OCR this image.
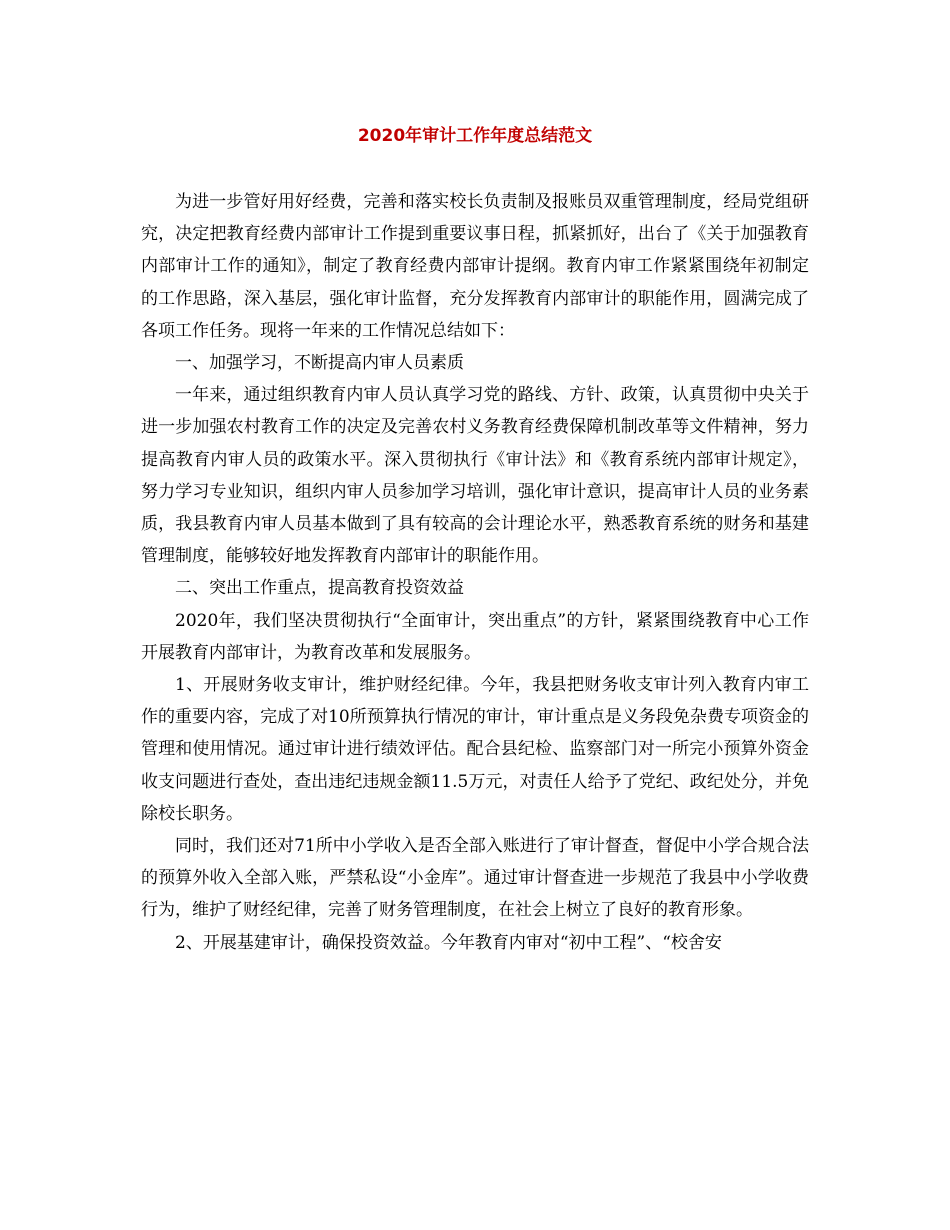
2020年审计工作年度总结范文

为进一步管好用好经费，完善和落实校长负责制及报账员双重管理制度，经局党组研究，决定把教育经费内部审计工作提到重要议事日程，抓紧抓好，出台了《关于加强教育内部审计工作的通知》，制定了教育经费内部审计提纲。教育内审工作紧紧围绕年初制定的工作思路，深入基层，强化审计监督，充分发挥教育内部审计的职能作用，圆满完成了各项工作任务。现将一年来的工作情况总结如下：

一、加强学习，不断提高内审人员素质

一年来，通过组织教育内审人员认真学习党的路线、方针、政策，认真贯彻中央关于进一步加强农村教育工作的决定及完善农村义务教育经费保障机制改革等文件精神，努力提高教育内审人员的政策水平。深入贯彻执行《审计法》和《教育系统内部审计规定》，努力学习专业知识，组织内审人员参加学习培训，强化审计意识，提高审计人员的业务素质，我县教育内审人员基本做到了具有较高的会计理论水平，熟悉教育系统的财务和基建管理制度，能够较好地发挥教育内部审计的职能作用。

二、突出工作重点，提高教育投资效益

2020年，我们坚决贯彻执行“全面审计，突出重点”的方针，紧紧围绕教育中心工作开展教育内部审计，为教育改革和发展服务。

1、开展财务收支审计，维护财经纪律。今年，我县把财务收支审计列入教育内审工作的重要内容，完成了对10所预算执行情况的审计，审计重点是义务段免杂费专项资金的管理和使用情况。通过审计进行绩效评估。配合县纪检、监察部门对一所完小预算外资金收支问题进行查处，查出违纪违规金额11.5万元，对责任人给予了党纪、政纪处分，并免除校长职务。

同时，我们还对71所中小学收入是否全部入账进行了审计督查，督促中小学合规合法的预算外收入全部入账，严禁私设“小金库”。通过审计督查进一步规范了我县中小学收费行为，维护了财经纪律，完善了财务管理制度，在社会上树立了良好的教育形象。

2、开展基建审计，确保投资效益。今年教育内审对“初中工程”、“校舍安
